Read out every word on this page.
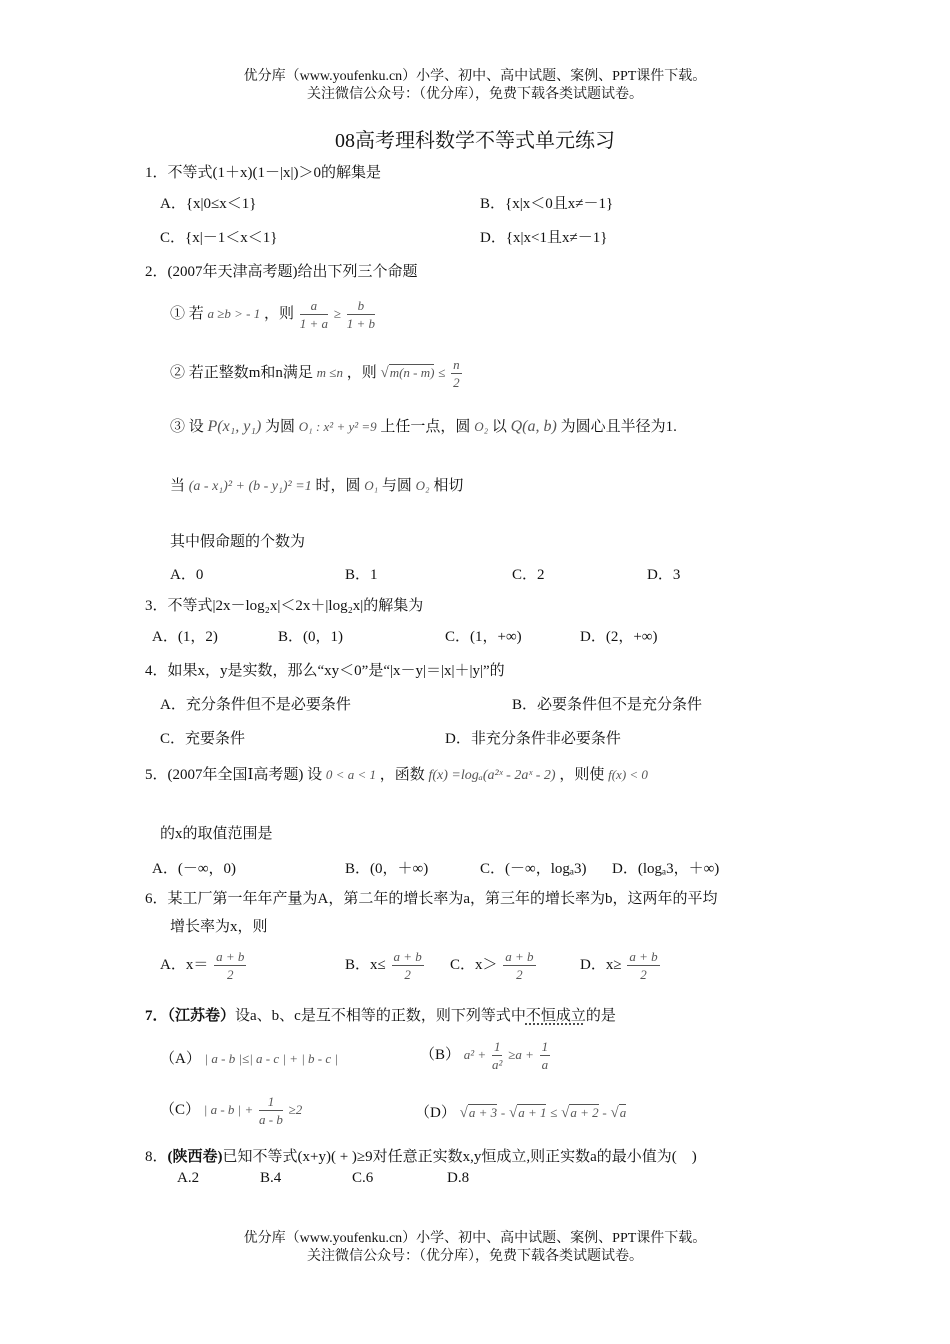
优分库（www.youfenku.cn）小学、初中、高中试题、案例、PPT课件下载。
关注微信公众号：（优分库），免费下载各类试题试卷。
08高考理科数学不等式单元练习
1．不等式(1＋x)(1－|x|)＞0的解集是
A．{x|0≤x＜1}	B．{x|x＜0且x≠－1}
C．{x|－1＜x＜1}	D．{x|x<1且x≠－1}
2．(2007年天津高考题)给出下列三个命题
① 若 a ≥b > - 1 ，则 $\frac{a}{1 + a} \ge \frac{b}{1 + b}$
② 若正整数m和n满足 m ≤n ，则 $√m(n - m) \le \frac{n}{2}$
③ 设 P(x₁, y₁) 为圆 O₁ : x² + y² =9 上任一点，圆 O₂ 以 Q(a, b) 为圆心且半径为1.
当 (a - x₁)² + (b - y₁)² =1 时，圆 O₁ 与圆 O₂ 相切
其中假命题的个数为
A．0	B．1	C．2	D．3
3．不等式|2x－log₂x|＜2x＋|log₂x|的解集为
A．(1，2)	B．(0，1)	C．(1，+∞)	D．(2，+∞)
4．如果x，y是实数，那么“xy＜0”是“|x－y|＝|x|＋|y|”的
A．充分条件但不是必要条件	B．必要条件但不是充分条件
C．充要条件	D．非充分条件非必要条件
5．(2007年全国Ⅰ高考题) 设 0 < a < 1 ，函数 f(x) =logₐ(a²ˣ - 2aˣ - 2) ，则使 f(x) < 0
的x的取值范围是
A．(－∞，0)	B．(0，＋∞)	C．(－∞，logₐ3) D．(logₐ3，＋∞)
6．某工厂第一年年产量为A，第二年的增长率为a，第三年的增长率为b，这两年的平均
增长率为x，则
A．$x= \frac{a + b}{2}$	B．$x\le \frac{a + b}{2}$ C．$x> \frac{a + b}{2}$	D．$x\ge \frac{a + b}{2}$
7．（江苏卷）设a、b、c是互不相等的正数，则下列等式中不恒成立的是
（A） | a - b |≤| a - c | + | b - c |	（B） $a^2 + \frac{1}{\text{a²}} \ge a + \frac{1}{a}$
（C） | a - b | + $\frac{1}{a - b} \ge 2$	（D） √a + 3 - √a + 1 ≤ √a + 2 - √a
8．(陕西卷)已知不等式(x+y)( + )≥9对任意正实数x,y恒成立,则正实数a的最小值为(　)
A.2	B.4	C.6	D.8
优分库（www.youfenku.cn）小学、初中、高中试题、案例、PPT课件下载。
关注微信公众号：（优分库），免费下载各类试题试卷。
